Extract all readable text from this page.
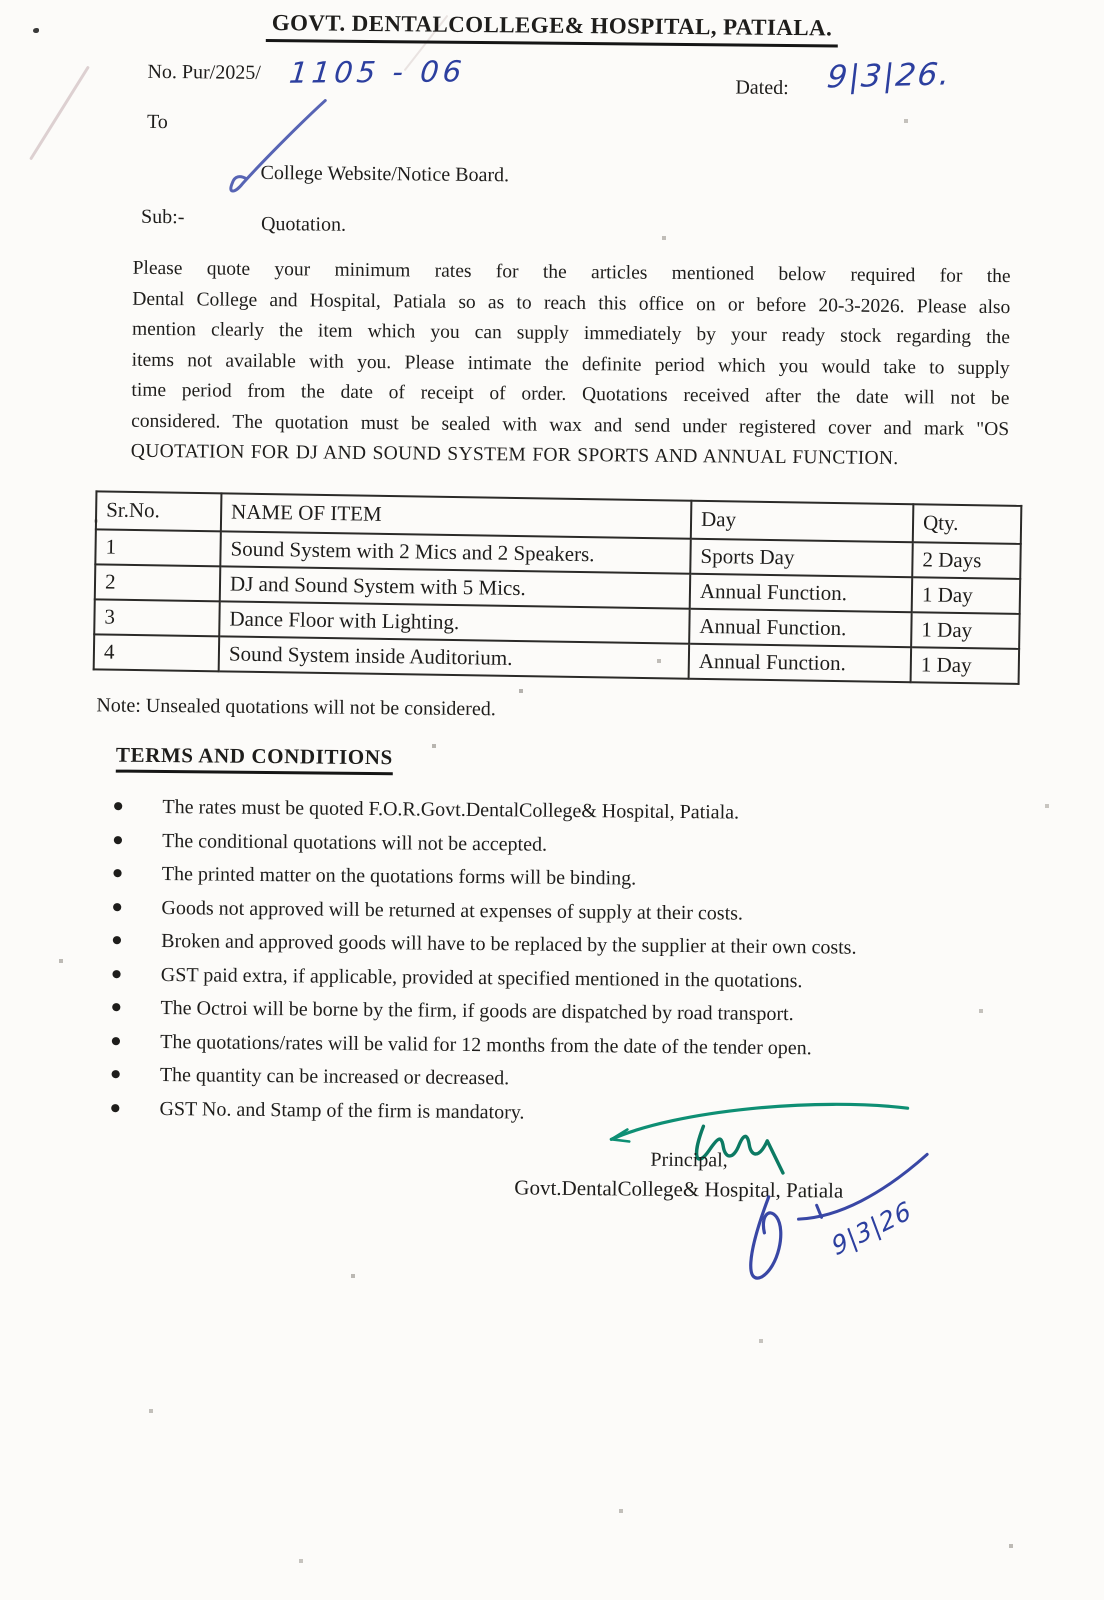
GOVT. DENTALCOLLEGE& HOSPITAL, PATIALA.
No. Pur/2025/ 1105 - 06	Dated: 9|3|26.
To
College Website/Notice Board.
Sub:-	Quotation.
Please quote your minimum rates for the articles mentioned below required for the
Dental College and Hospital, Patiala so as to reach this office on or before 20-3-2026. Please also
mention clearly the item which you can supply immediately by your ready stock regarding the
items not available with you. Please intimate the definite period which you would take to supply
time period from the date of receipt of order. Quotations received after the date will not be
considered. The quotation must be sealed with wax and send under registered cover and mark "OS
QUOTATION FOR DJ AND SOUND SYSTEM FOR SPORTS AND ANNUAL FUNCTION.
Sr.No.	NAME OF ITEM	Day	Qty.
1	Sound System with 2 Mics and 2 Speakers.	Sports Day	2 Days
2	DJ and Sound System with 5 Mics.	Annual Function.	1 Day
3	Dance Floor with Lighting.	Annual Function.	1 Day
4	Sound System inside Auditorium.	Annual Function.	1 Day
Note: Unsealed quotations will not be considered.
TERMS AND CONDITIONS
● The rates must be quoted F.O.R.Govt.DentalCollege& Hospital, Patiala.
● The conditional quotations will not be accepted.
● The printed matter on the quotations forms will be binding.
● Goods not approved will be returned at expenses of supply at their costs.
● Broken and approved goods will have to be replaced by the supplier at their own costs.
● GST paid extra, if applicable, provided at specified mentioned in the quotations.
● The Octroi will be borne by the firm, if goods are dispatched by road transport.
● The quotations/rates will be valid for 12 months from the date of the tender open.
● The quantity can be increased or decreased.
● GST No. and Stamp of the firm is mandatory.
Principal,
Govt.DentalCollege& Hospital, Patiala
9|3|26
